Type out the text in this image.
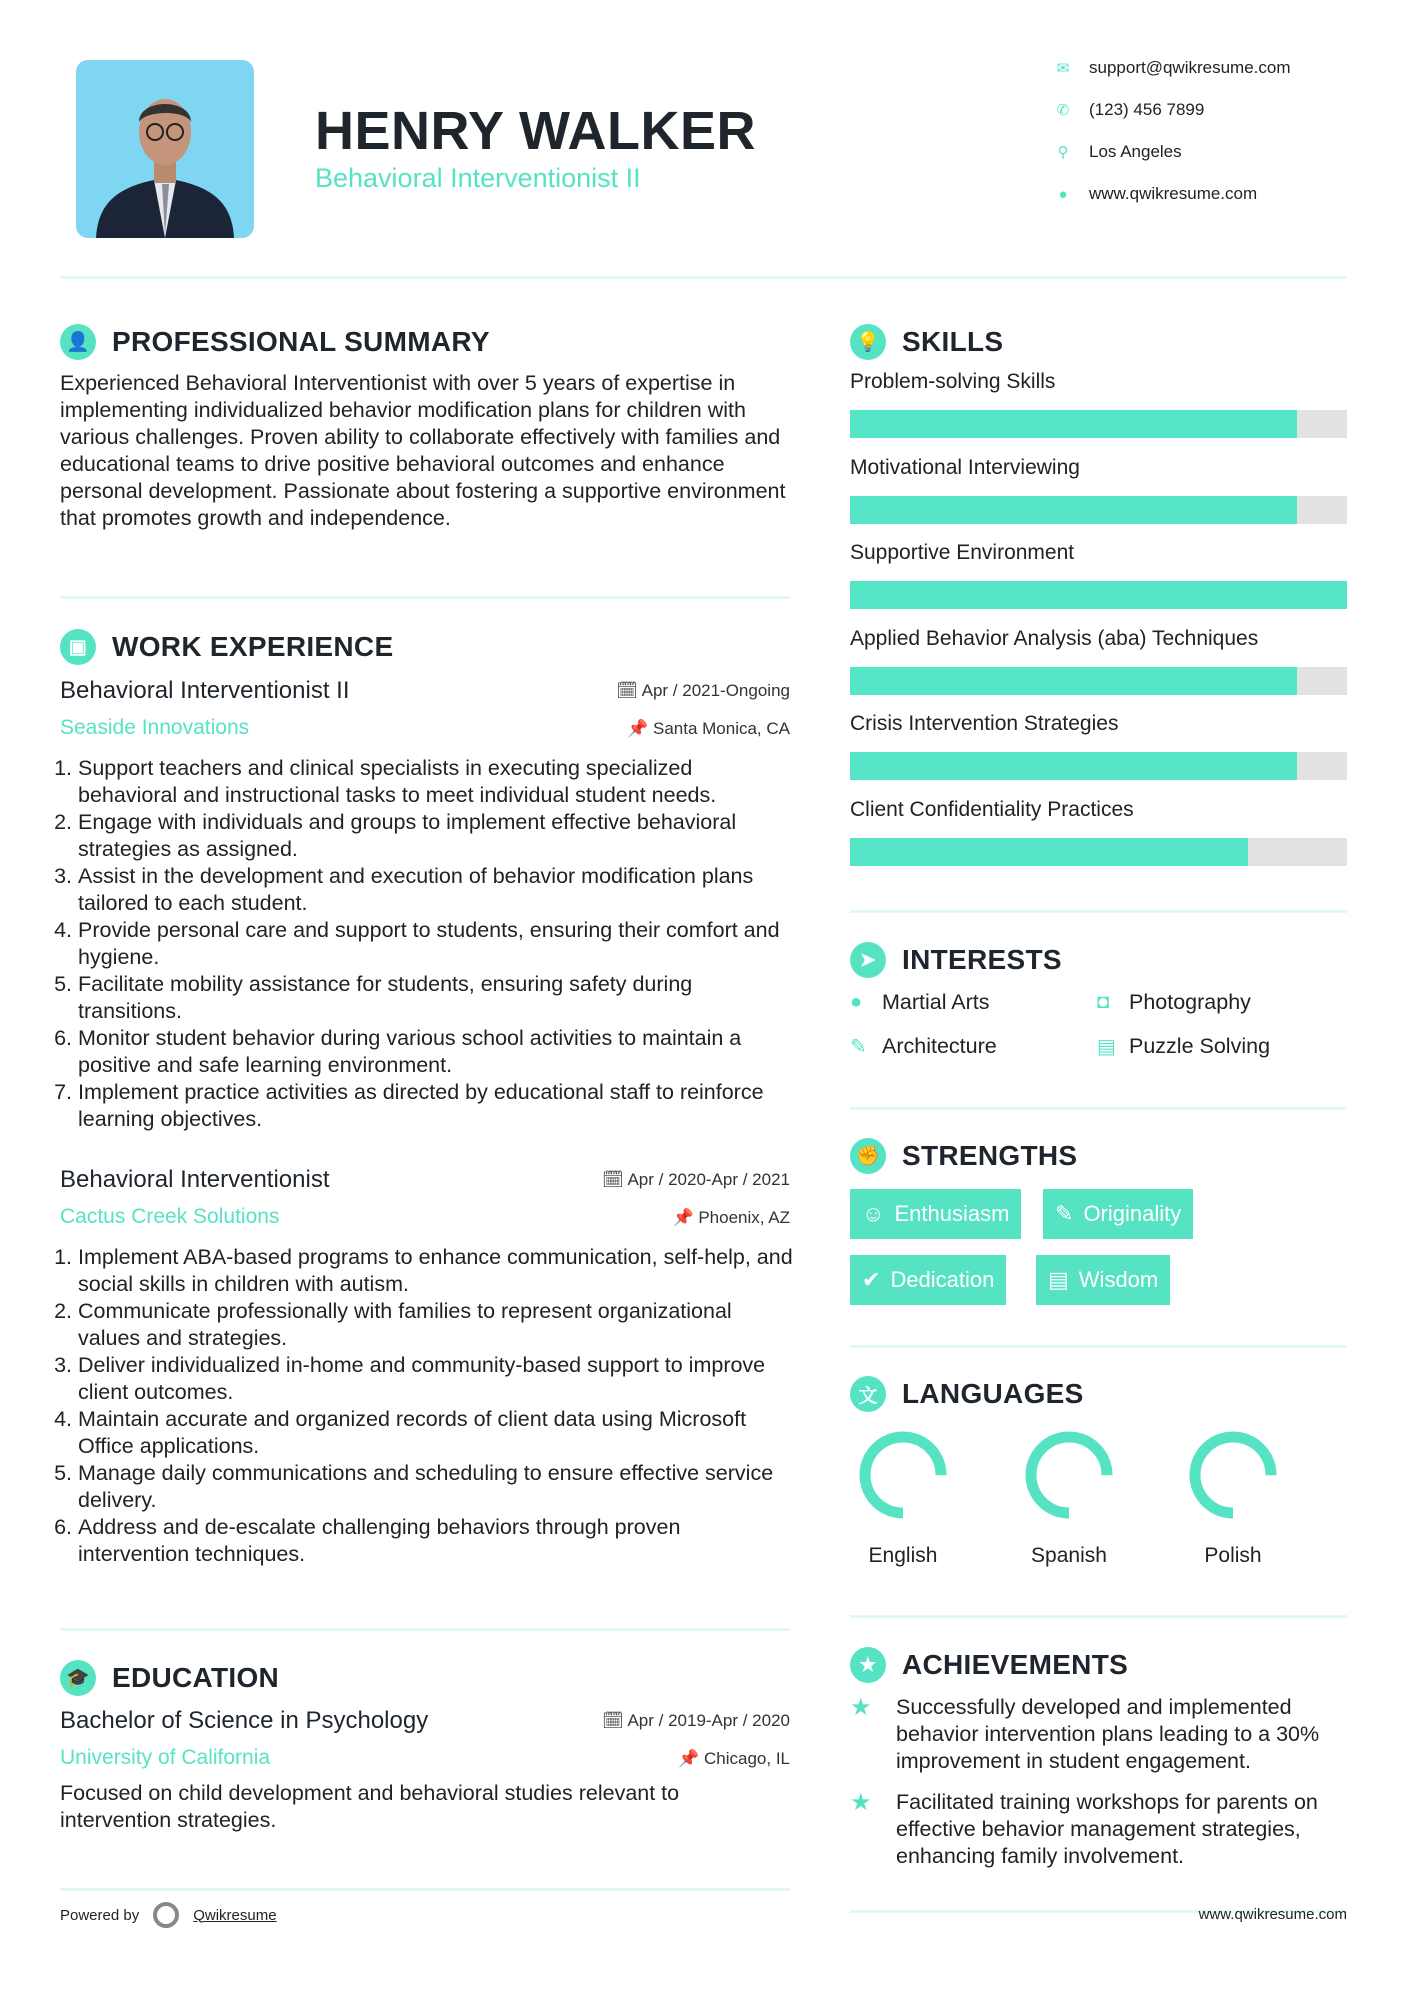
HENRY WALKER
Behavioral Interventionist II
👤 PROFESSIONAL SUMMARY
Experienced Behavioral Interventionist with over 5 years of expertise in implementing individualized behavior modification plans for children with various challenges. Proven ability to collaborate effectively with families and educational teams to drive positive behavioral outcomes and enhance personal development. Passionate about fostering a supportive environment that promotes growth and independence.
▣ WORK EXPERIENCE
🎓 EDUCATION
Bachelor of Science in Psychology	🗓 Apr / 2019-Apr / 2020
University of California	📌 Chicago, IL
Focused on child development and behavioral studies relevant to intervention strategies.
Powered by	Qwikresume
💡 SKILLS
➤ INTERESTS
✊ STRENGTHS
文 LANGUAGES
★ ACHIEVEMENTS
www.qwikresume.com
✉ support@qwikresume.com
✆ (123) 456 7899
⚲ Los Angeles
● www.qwikresume.com
Behavioral Interventionist II	🗓 Apr / 2021-Ongoing
Seaside Innovations	📌 Santa Monica, CA
1. Support teachers and clinical specialists in executing specialized behavioral and instructional tasks to meet individual student needs.
2. Engage with individuals and groups to implement effective behavioral strategies as assigned.
3. Assist in the development and execution of behavior modification plans tailored to each student.
4. Provide personal care and support to students, ensuring their comfort and hygiene.
5. Facilitate mobility assistance for students, ensuring safety during transitions.
6. Monitor student behavior during various school activities to maintain a positive and safe learning environment.
7. Implement practice activities as directed by educational staff to reinforce learning objectives.
Behavioral Interventionist	🗓 Apr / 2020-Apr / 2021
Cactus Creek Solutions	📌 Phoenix, AZ
1. Implement ABA-based programs to enhance communication, self-help, and social skills in children with autism.
2. Communicate professionally with families to represent organizational values and strategies.
3. Deliver individualized in-home and community-based support to improve client outcomes.
4. Maintain accurate and organized records of client data using Microsoft Office applications.
5. Manage daily communications and scheduling to ensure effective service delivery.
6. Address and de-escalate challenging behaviors through proven intervention techniques.
Problem-solving Skills
Motivational Interviewing
Supportive Environment
Applied Behavior Analysis (aba) Techniques
Crisis Intervention Strategies
Client Confidentiality Practices
● Martial Arts	◘ Photography
✎ Architecture	▤ Puzzle Solving
☺ Enthusiasm ✎ Originality
✔ Dedication ▤ Wisdom
English	Spanish	Polish
★	Successfully developed and implemented behavior intervention plans leading to a 30% improvement in student engagement.
★	Facilitated training workshops for parents on effective behavior management strategies, enhancing family involvement.
